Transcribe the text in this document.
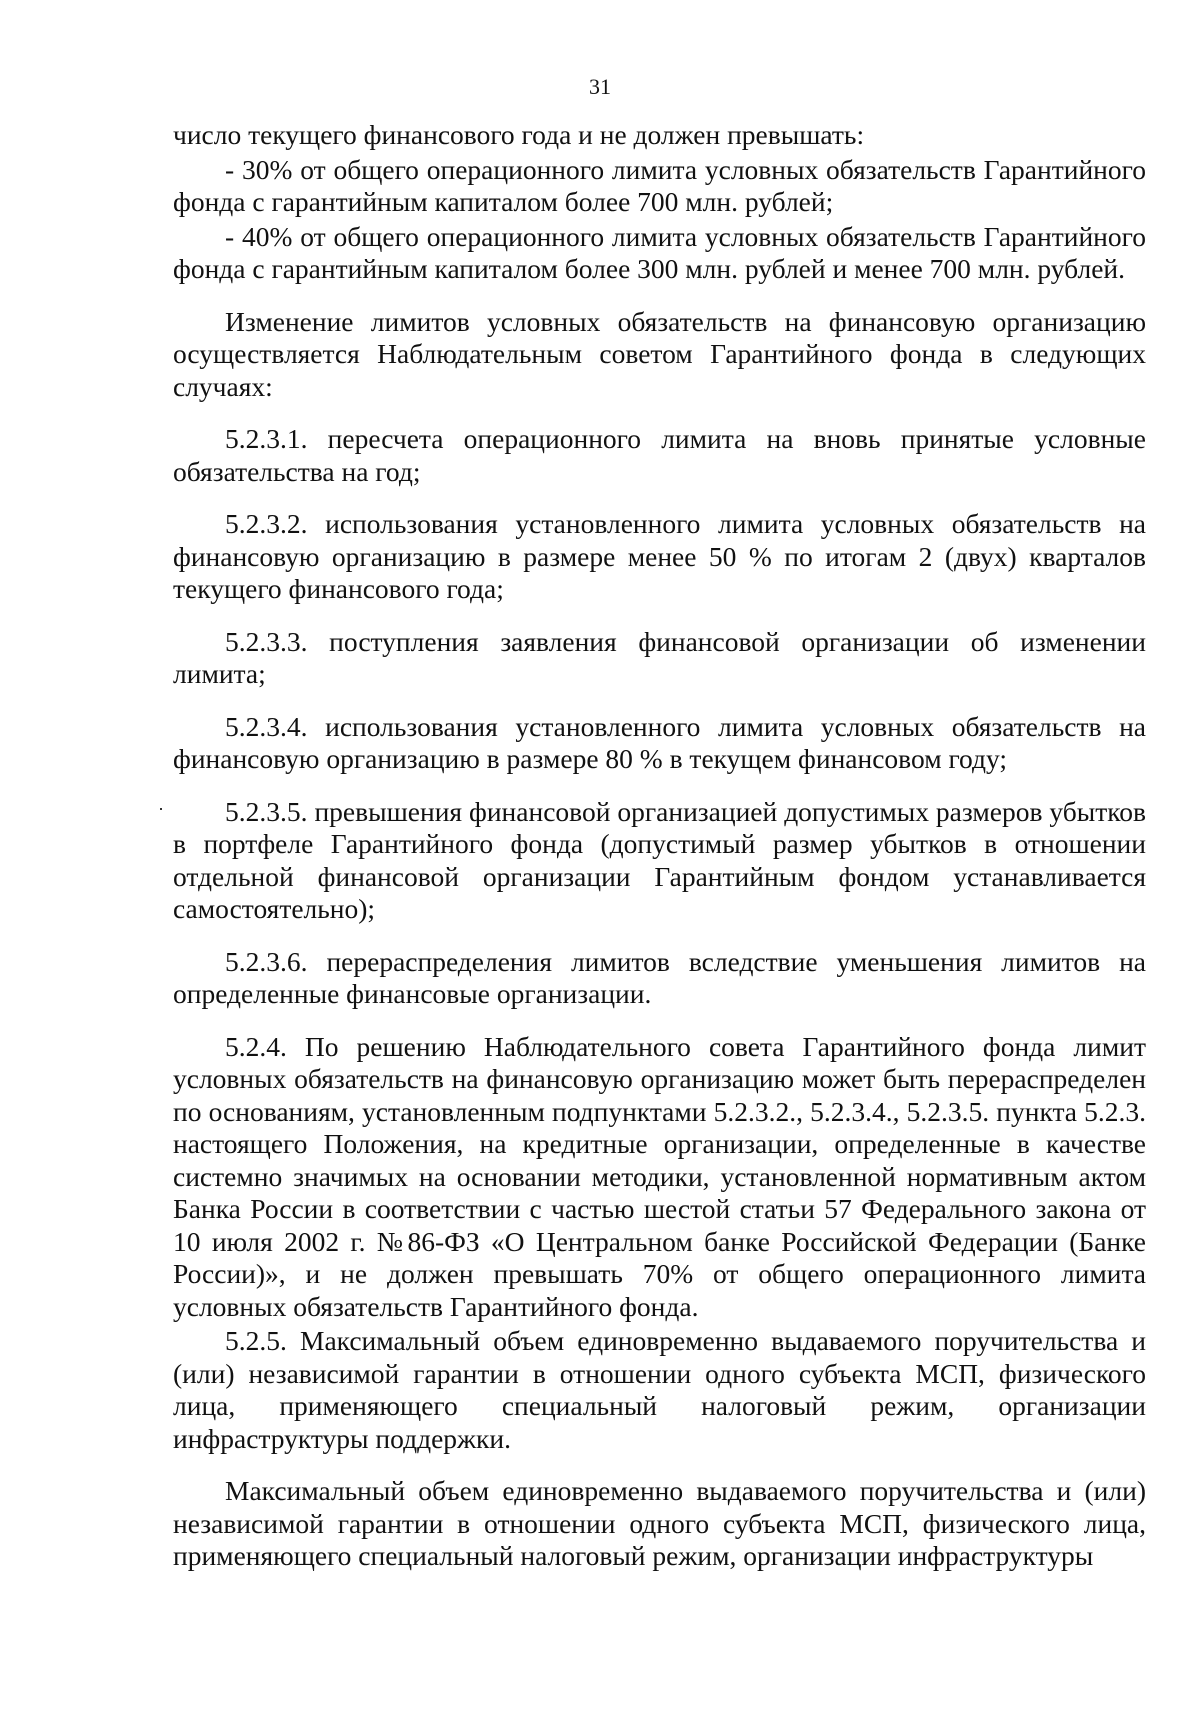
31

число текущего финансового года и не должен превышать:

- 30% от общего операционного лимита условных обязательств Гарантийного фонда с гарантийным капиталом более 700 млн. рублей;

- 40% от общего операционного лимита условных обязательств Гарантийного фонда с гарантийным капиталом более 300 млн. рублей и менее 700 млн. рублей.

Изменение лимитов условных обязательств на финансовую организацию осуществляется Наблюдательным советом Гарантийного фонда в следующих случаях:

5.2.3.1. пересчета операционного лимита на вновь принятые условные обязательства на год;

5.2.3.2. использования установленного лимита условных обязательств на финансовую организацию в размере менее 50 % по итогам 2 (двух) кварталов текущего финансового года;

5.2.3.3. поступления заявления финансовой организации об изменении лимита;

5.2.3.4. использования установленного лимита условных обязательств на финансовую организацию в размере 80 % в текущем финансовом году;

5.2.3.5. превышения финансовой организацией допустимых размеров убытков в портфеле Гарантийного фонда (допустимый размер убытков в отношении отдельной финансовой организации Гарантийным фондом устанавливается самостоятельно);

5.2.3.6. перераспределения лимитов вследствие уменьшения лимитов на определенные финансовые организации.

5.2.4. По решению Наблюдательного совета Гарантийного фонда лимит условных обязательств на финансовую организацию может быть перераспределен по основаниям, установленным подпунктами 5.2.3.2., 5.2.3.4., 5.2.3.5. пункта 5.2.3. настоящего Положения, на кредитные организации, определенные в качестве системно значимых на основании методики, установленной нормативным актом Банка России в соответствии с частью шестой статьи 57 Федерального закона от 10 июля 2002 г. №86-ФЗ «О Центральном банке Российской Федерации (Банке России)», и не должен превышать 70% от общего операционного лимита условных обязательств Гарантийного фонда.

5.2.5. Максимальный объем единовременно выдаваемого поручительства и (или) независимой гарантии в отношении одного субъекта МСП, физического лица, применяющего специальный налоговый режим, организации инфраструктуры поддержки.

Максимальный объем единовременно выдаваемого поручительства и (или) независимой гарантии в отношении одного субъекта МСП, физического лица, применяющего специальный налоговый режим, организации инфраструктуры
